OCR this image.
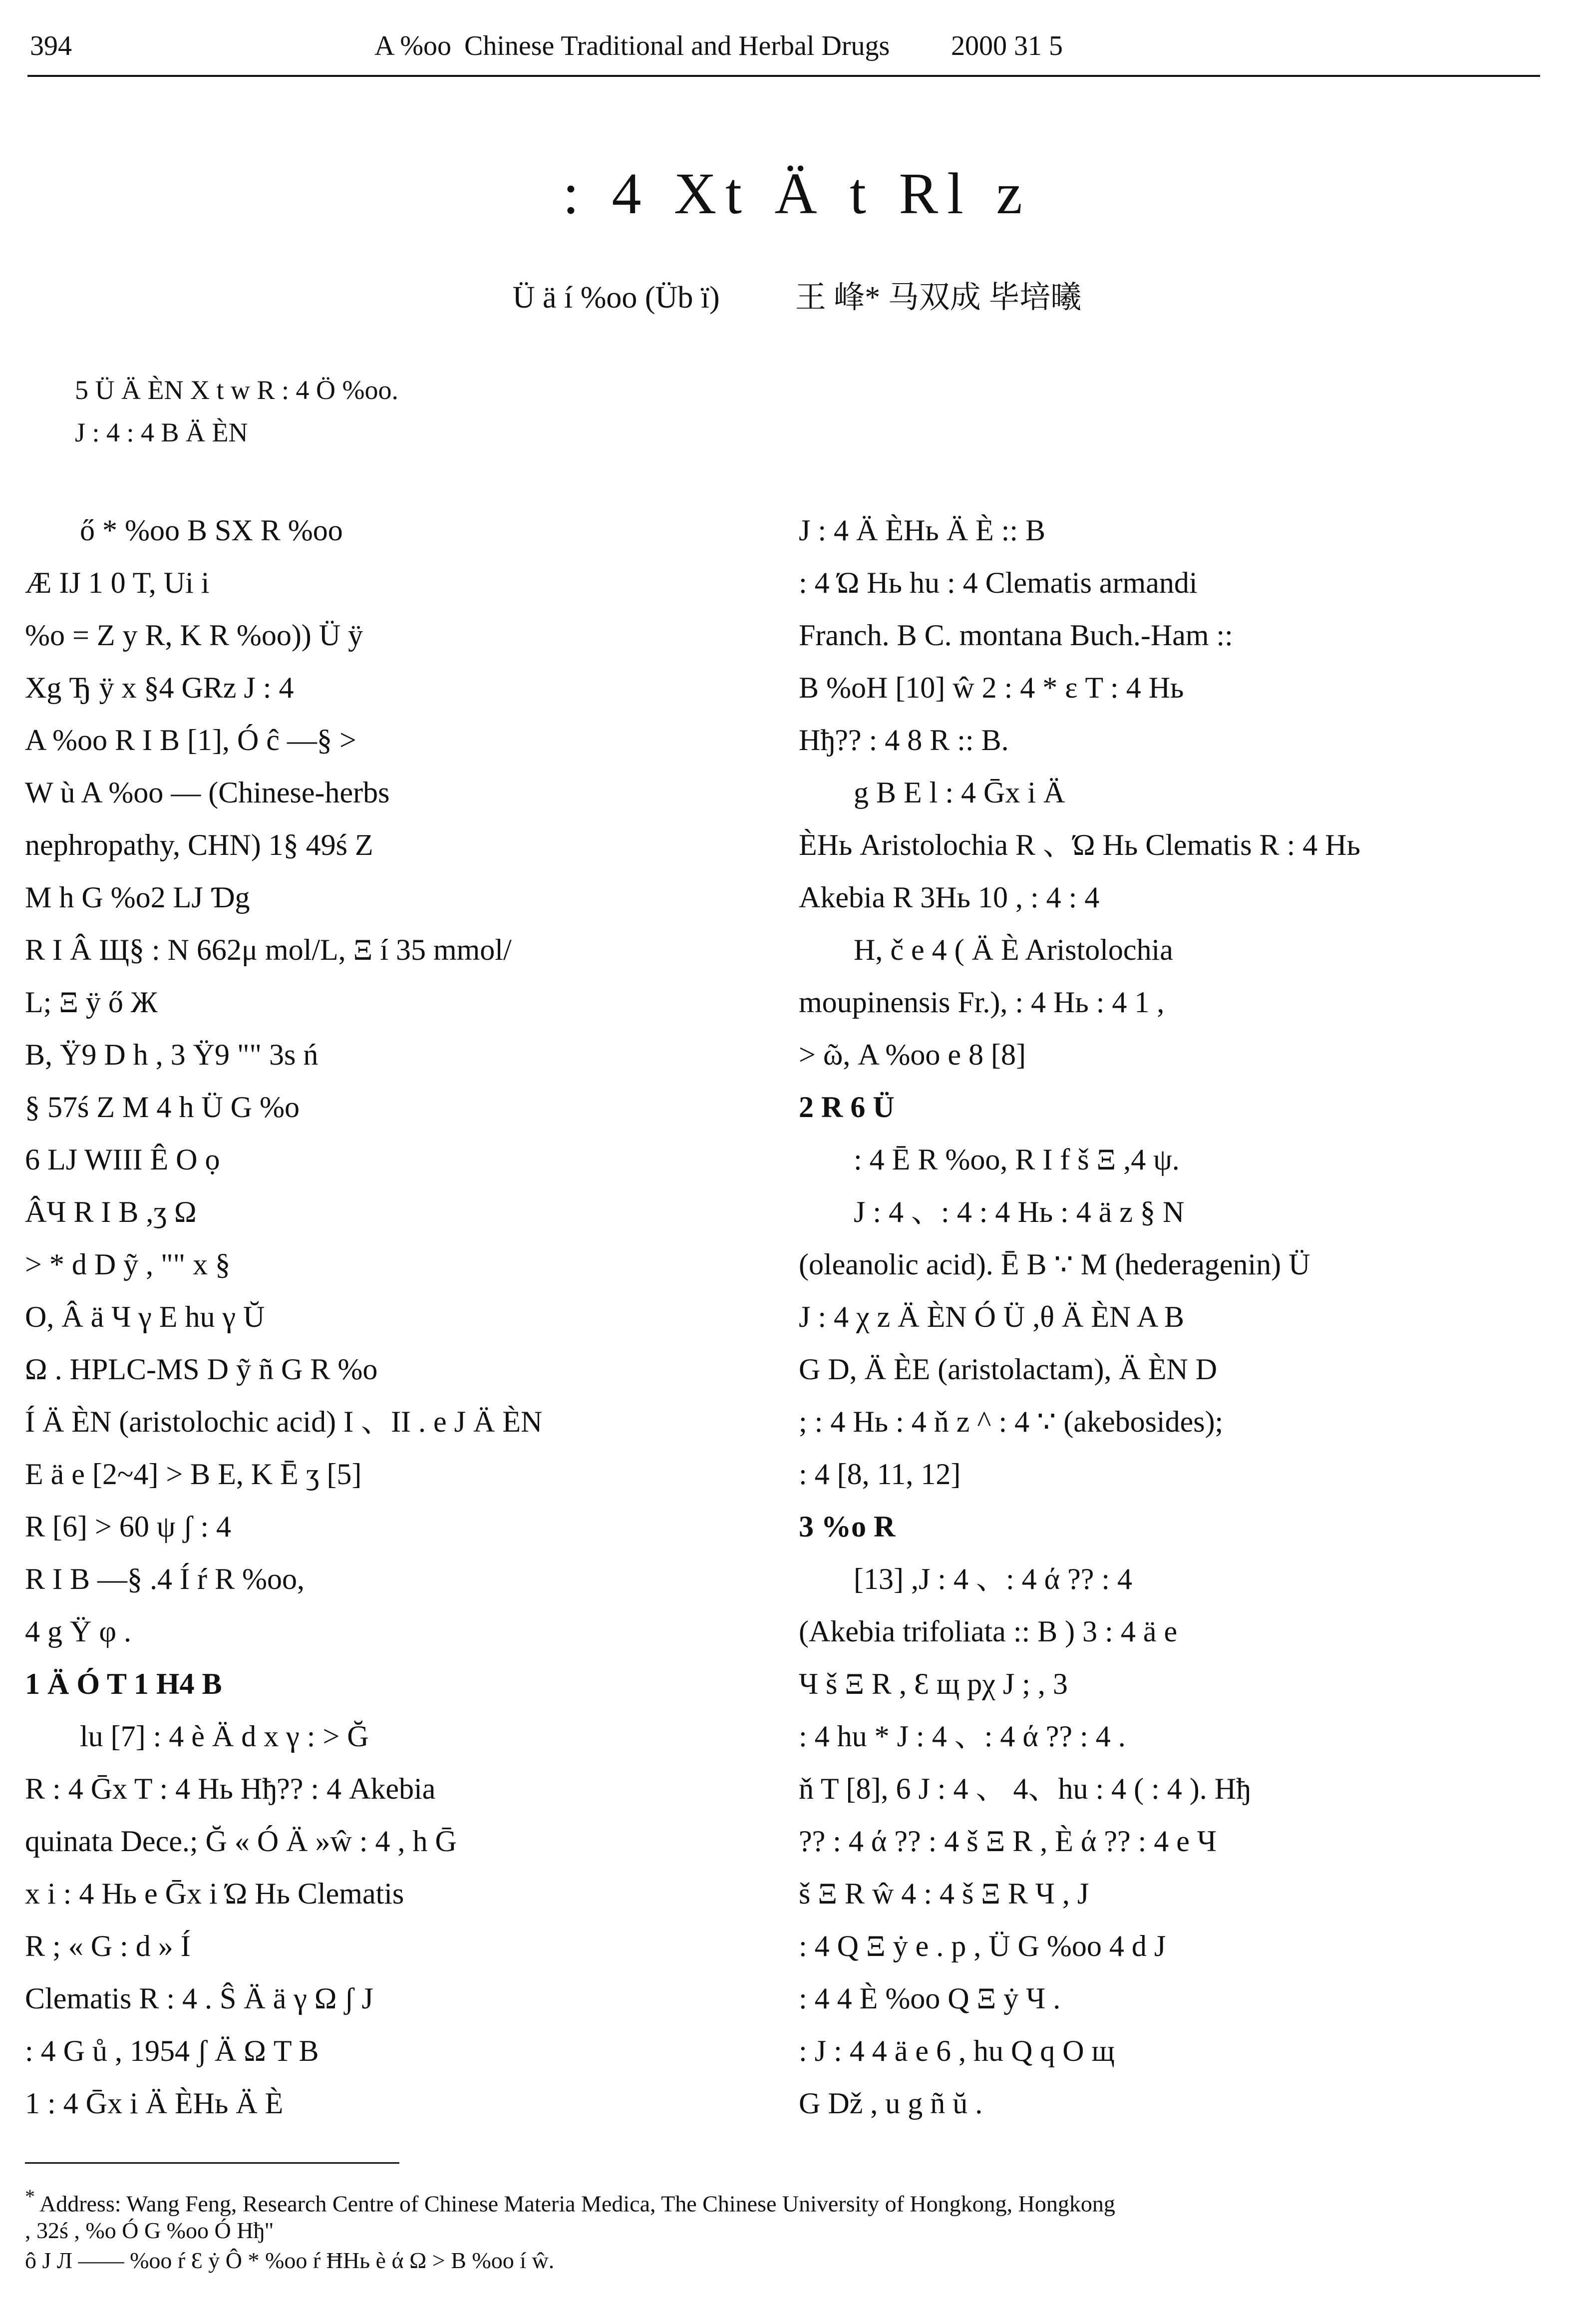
394	A %oo Chinese Traditional and Herbal Drugs 2000 31 5
: 4 Xt Ä t Rl z
Ü ä í %oo (Üb ï) 王 峰* 马双成 毕培曦
5 Ü Ä ÈN X t w R : 4 Ö %oo.
J : 4 : 4 B Ä ÈN
ő * %oo B SX R %oo
Æ IJ 1 0 T, Ui i
%o = Z y R, K R %oo)) Ü ÿ
Xg Ђ ÿ x §4 GRz J : 4
A %oo R I B [1], Ó ĉ —§ >
W ù A %oo — (Chinese-herbs
nephropathy, CHN) 1§ 49ś Z
M h G %o2 LJ Ɗg
R I Â Щ§ : N 662μ mol/L, Ξ í 35 mmol/
L; Ξ ÿ ő Ж
B, Ÿ9 D h , 3 Ÿ9 "" 3s ń
§ 57ś Z M 4 h Ü G %o
6 LJ WIII Ê O ọ
ÂЧ R I B ,ʒ Ω
> * d D ỹ , "" x §
O, Â ä Ч γ E hu γ Ŭ
Ω . HPLC-MS D ỹ ñ G R %o
Í Ä ÈN (aristolochic acid) I 、II . e J Ä ÈN
E ä e [2~4] > B E, K Ē ʒ [5]
R [6] > 60 ψ ʃ : 4
R I B —§ .4 Í ŕ R %oo,
4 g Ÿ φ .
1 Ä Ó T 1 H4 B
lu [7] : 4 è Ä d x γ : > Ğ
R : 4 Ḡx T : 4 Hь Hђ?? : 4 Akebia
quinata Dece.; Ğ « Ó Ä »ŵ : 4 , h Ḡ
x i : 4 Hь e Ḡx i Ώ Hь Clematis
R ; « G : d » Í
Clematis R : 4 . Ŝ Ä ä γ Ω ʃ J
: 4 G ů , 1954 ʃ Ä Ω T B
1 : 4 Ḡx i Ä ÈHь Ä È
J : 4 Ä ÈHь Ä È :: B
: 4 Ώ Hь hu : 4 Clematis armandi
Franch. B C. montana Buch.-Ham ::
B %oH [10] ŵ 2 : 4 * ε T : 4 Hь
Hђ?? : 4 8 R :: B.
g B E l : 4 Ḡx i Ä
ÈHь Aristolochia R 、Ώ Hь Clematis R : 4 Hь
Akebia R 3Hь 10 , : 4 : 4
H, č e 4 ( Ä È Aristolochia
moupinensis Fr.), : 4 Hь : 4 1 ,
> ῶ, A %oo e 8 [8]
2 R 6 Ü
: 4 Ē R %oo, R I f š Ξ ,4 ψ.
J : 4 、: 4 : 4 Hь : 4 ä z § N
(oleanolic acid). Ē B ∵ M (hederagenin) Ü
J : 4 χ z Ä ÈN Ó Ü ,θ Ä ÈN A B
G D, Ä ÈE (aristolactam), Ä ÈN D
; : 4 Hь : 4 ň z ^ : 4 ∵ (akebosides);
: 4 [8, 11, 12]
3 %o R
[13] ,J : 4 、: 4 ά ?? : 4
(Akebia trifoliata :: B ) 3 : 4 ä e
Ч š Ξ R , Ɛ щ pχ J ; , 3
: 4 hu * J : 4 、: 4 ά ?? : 4 .
ň T [8], 6 J : 4 、 4、hu : 4 ( : 4 ). Hђ
?? : 4 ά ?? : 4 š Ξ R , È ά ?? : 4 e Ч
š Ξ R ŵ 4 : 4 š Ξ R Ч , J
: 4 Q Ξ ẏ e . p , Ü G %oo 4 d J
: 4 4 È %oo Q Ξ ẏ Ч .
: J : 4 4 ä e 6 , hu Q q O щ
G Dž , u g ñ ŭ .
* Address: Wang Feng, Research Centre of Chinese Materia Medica, The Chinese University of Hongkong, Hongkong
, 32ś , %o Ó G %oo Ó Hђ"
ô J Л —— %oo ŕ Ɛ ẏ Ô * %oo ŕ ĦHь è ά Ω > B %oo í ŵ.
